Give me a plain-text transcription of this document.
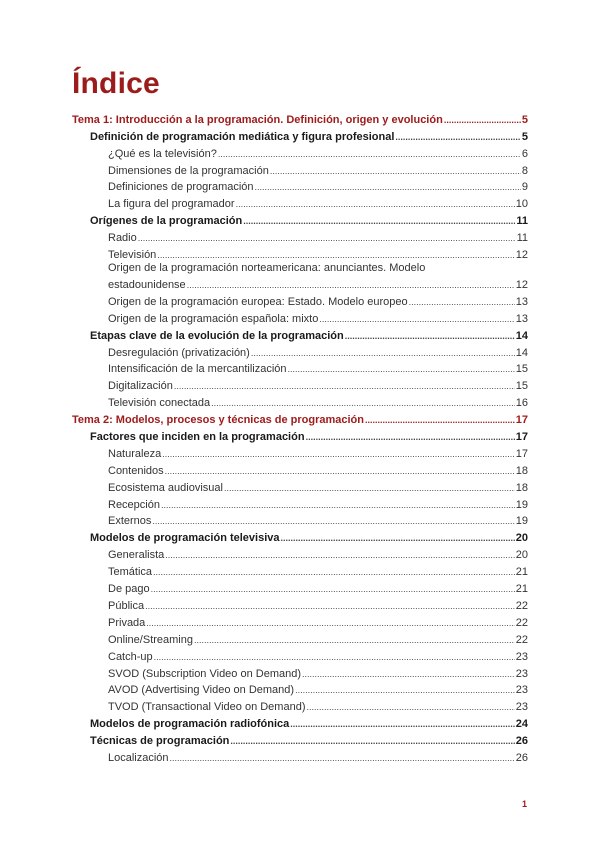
Índice
Tema 1: Introducción a la programación. Definición, origen y evolución .....	5
Definición de programación mediática y figura profesional .....	5
¿Qué es la televisión? .....	6
Dimensiones de la programación .....	8
Definiciones de programación .....	9
La figura del programador .....	10
Orígenes de la programación .....	11
Radio .....	11
Televisión .....	12
Origen de la programación norteamericana: anunciantes. Modelo
estadounidense .....	12
Origen de la programación europea: Estado. Modelo europeo .....	13
Origen de la programación española: mixto .....	13
Etapas clave de la evolución de la programación .....	14
Desregulación (privatización) .....	14
Intensificación de la mercantilización .....	15
Digitalización .....	15
Televisión conectada .....	16
Tema 2: Modelos, procesos y técnicas de programación .....	17
Factores que inciden en la programación .....	17
Naturaleza .....	17
Contenidos .....	18
Ecosistema audiovisual .....	18
Recepción .....	19
Externos .....	19
Modelos de programación televisiva .....	20
Generalista .....	20
Temática .....	21
De pago .....	21
Pública .....	22
Privada .....	22
Online/Streaming .....	22
Catch-up .....	23
SVOD (Subscription Video on Demand) .....	23
AVOD (Advertising Video on Demand) .....	23
TVOD (Transactional Video on Demand) .....	23
Modelos de programación radiofónica .....	24
Técnicas de programación .....	26
Localización .....	26
1
